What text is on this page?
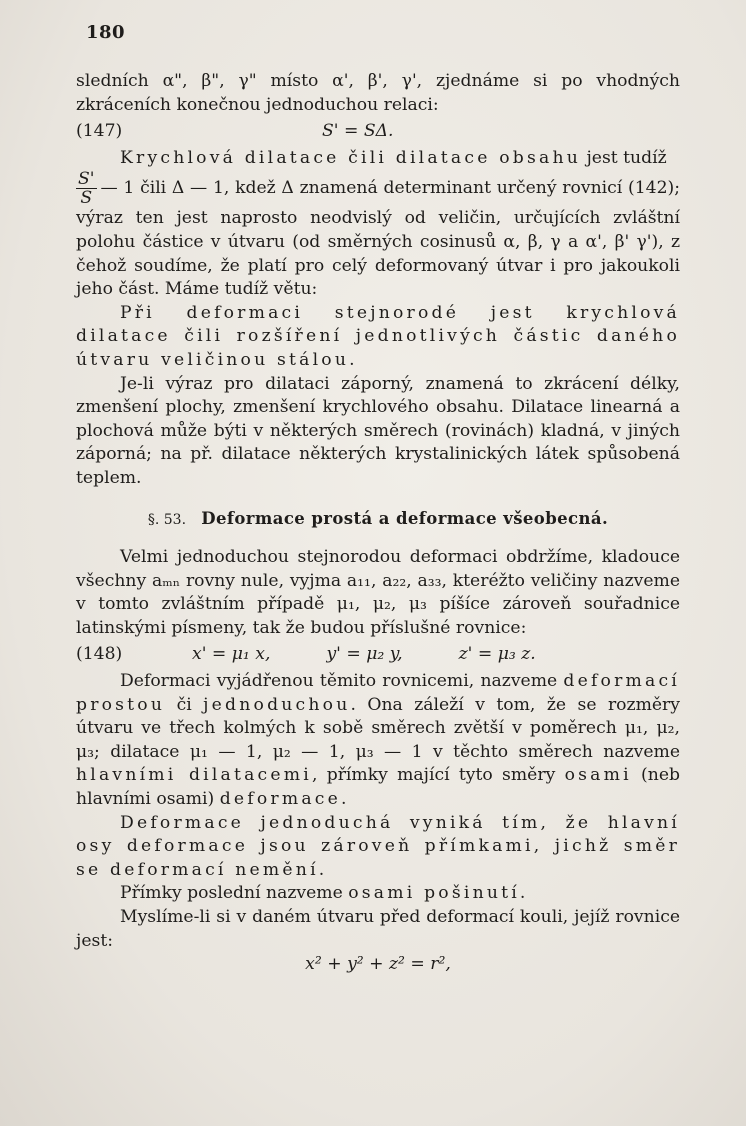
180

sledních α", β", γ" místo α', β', γ', zjednáme si po vhodných zkráceních konečnou jednoduchou relaci:

(147)	S' = SΔ.

Krychlová dilatace čili dilatace obsahu jest tudíž

$\frac{S'}{S}$ — 1 čili Δ — 1, kdež Δ znamená determinant určený rovnicí (142); výraz ten jest naprosto neodvislý od veličin, určujících zvláštní polohu částice v útvaru (od směrných cosinusů α, β, γ a α', β' γ'), z čehož soudíme, že platí pro celý deformovaný útvar i pro jakoukoli jeho část. Máme tudíž větu:

Při deformaci stejnorodé jest krychlová dilatace čili rozšíření jednotlivých částic daného útvaru veličinou stálou.

Je-li výraz pro dilataci záporný, znamená to zkrácení délky, zmenšení plochy, zmenšení krychlového obsahu. Dilatace linearná a plochová může býti v některých směrech (rovinách) kladná, v jiných záporná; na př. dilatace některých krystalinických látek spůsobená teplem.

§. 53. Deformace prostá a deformace všeobecná.

Velmi jednoduchou stejnorodou deformaci obdržíme, kladouce všechny aₘₙ rovny nule, vyjma a₁₁, a₂₂, a₃₃, kteréžto veličiny nazveme v tomto zvláštním případě μ₁, μ₂, μ₃ píšíce zároveň souřadnice latinskými písmeny, tak že budou příslušné rovnice:

(148)	x' = μ₁ x,	y' = μ₂ y,	z' = μ₃ z.

Deformaci vyjádřenou těmito rovnicemi, nazveme deformací prostou či jednoduchou. Ona záleží v tom, že se rozměry útvaru ve třech kolmých k sobě směrech zvětší v poměrech μ₁, μ₂, μ₃; dilatace μ₁ — 1, μ₂ — 1, μ₃ — 1 v těchto směrech nazveme hlavními dilatacemi, přímky mající tyto směry osami (neb hlavními osami) deformace.

Deformace jednoduchá vyniká tím, že hlavní osy deformace jsou zároveň přímkami, jichž směr se deformací nemění.

Přímky poslední nazveme osami pošinutí.

Myslíme-li si v daném útvaru před deformací kouli, jejíž rovnice jest:

x² + y² + z² = r²,
